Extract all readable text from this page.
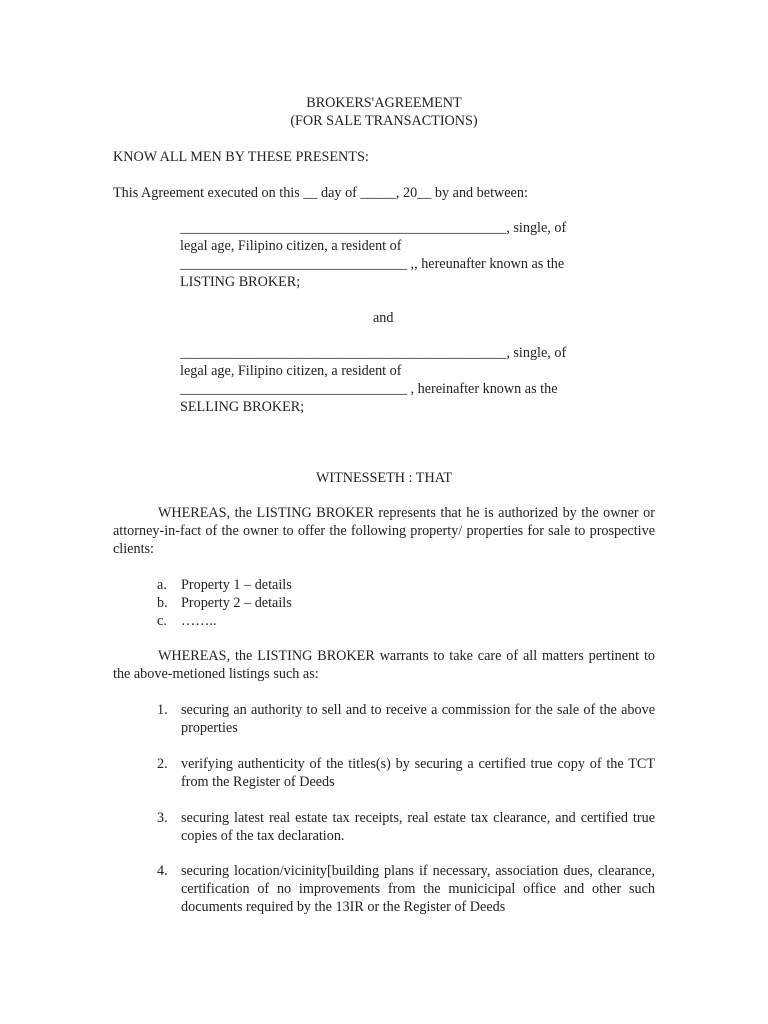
BROKERS'AGREEMENT
(FOR SALE TRANSACTIONS)
KNOW ALL MEN BY THESE PRESENTS:
This Agreement executed on this __ day of _____, 20__ by and between:
______________________________________________, single, of
legal age, Filipino citizen, a resident of
________________________________ ,, hereunafter known as the
LISTING BROKER;
and
______________________________________________, single, of
legal age, Filipino citizen, a resident of
________________________________ , hereinafter known as the
SELLING BROKER;
WITNESSETH : THAT
WHEREAS, the LISTING BROKER represents that he is authorized by the owner or attorney-in-fact of the owner to offer the following property/ properties for sale to prospective clients:
a. Property 1 – details
b. Property 2 – details
c. ……..
WHEREAS, the LISTING BROKER warrants to take care of all matters pertinent to the above-metioned listings such as:
1. securing an authority to sell and to receive a commission for the sale of the above properties
2. verifying authenticity of the titles(s) by securing a certified true copy of the TCT from the Register of Deeds
3. securing latest real estate tax receipts, real estate tax clearance, and certified true copies of the tax declaration.
4. securing location/vicinity[building plans if necessary, association dues, clearance, certification of no improvements from the municicipal office and other such documents required by the 13IR or the Register of Deeds
